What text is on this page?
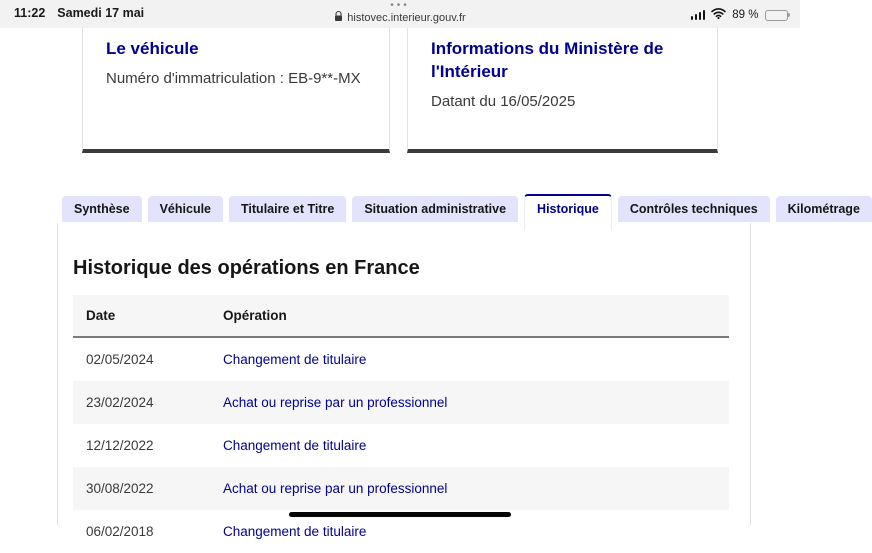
11:22 Samedi 17 mai
•••
histovec.interieur.gouv.fr	89 %
Le véhicule
Numéro d'immatriculation : EB-9**-MX
Informations du Ministère de l'Intérieur
Datant du 16/05/2025
Synthèse	Véhicule	Titulaire et Titre	Situation administrative	Historique	Contrôles techniques	Kilométrage
Historique des opérations en France
Date	Opération
02/05/2024	Changement de titulaire
23/02/2024	Achat ou reprise par un professionnel
12/12/2022	Changement de titulaire
30/08/2022	Achat ou reprise par un professionnel
06/02/2018	Changement de titulaire
